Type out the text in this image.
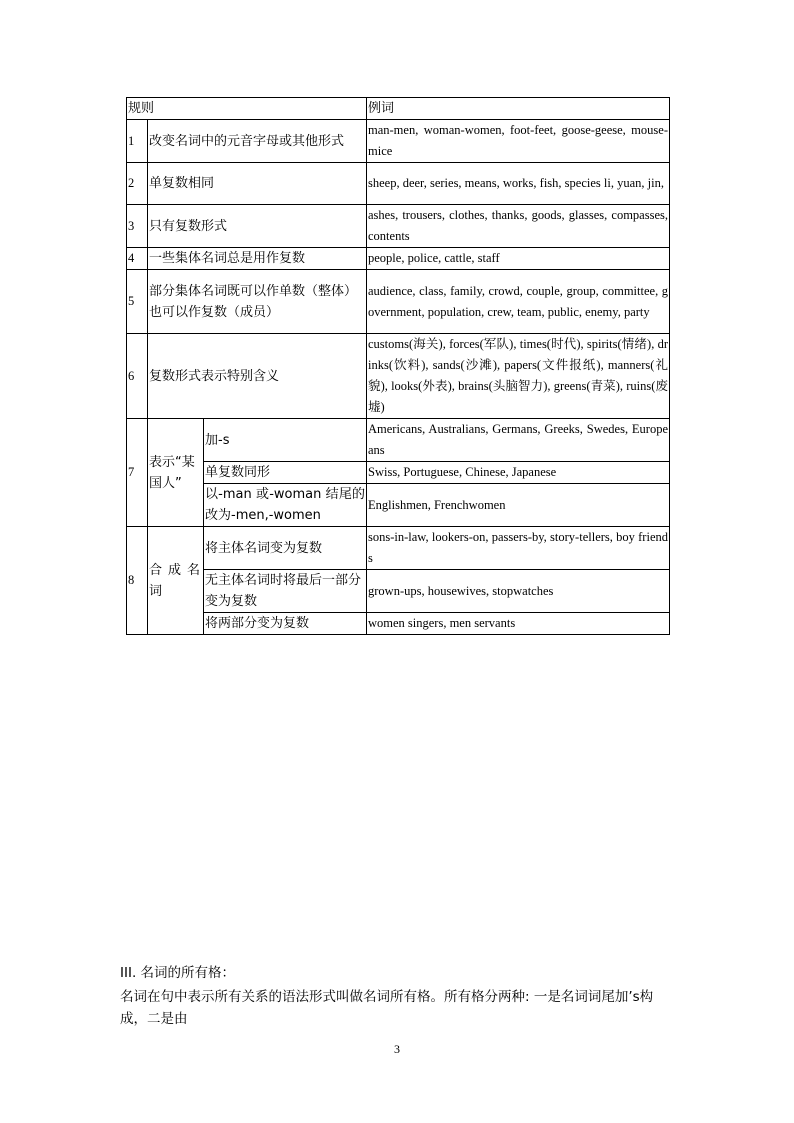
规则			例词
1	改变名词中的元音字母或其他形式		man-men, woman-women, foot-feet, goose-geese, mouse-mice
2	单复数相同		sheep, deer, series, means, works, fish, species li, yuan, jin,
3	只有复数形式		ashes, trousers, clothes, thanks, goods, glasses, compasses, contents
4	一些集体名词总是用作复数		people, police, cattle, staff
5	部分集体名词既可以作单数（整体）也可以作复数（成员）		audience, class, family, crowd, couple, group, committee, government, population, crew, team, public, enemy, party
6	复数形式表示特别含义		customs(海关), forces(军队), times(时代), spirits(情绪), drinks(饮料), sands(沙滩), papers(文件报纸), manners(礼貌), looks(外表), brains(头脑智力), greens(青菜), ruins(废墟)
7	表示“某国人”	加-s	Americans, Australians, Germans, Greeks, Swedes, Europeans
		单复数同形	Swiss, Portuguese, Chinese, Japanese
		以-man 或-woman 结尾的改为-men,-women	Englishmen, Frenchwomen
8	合成名词	将主体名词变为复数	sons-in-law, lookers-on, passers-by, story-tellers, boy friends
		无主体名词时将最后一部分变为复数	grown-ups, housewives, stopwatches
		将两部分变为复数	women singers, men servants
III. 名词的所有格：
名词在句中表示所有关系的语法形式叫做名词所有格。所有格分两种: 一是名词词尾加’s构成，二是由
3
